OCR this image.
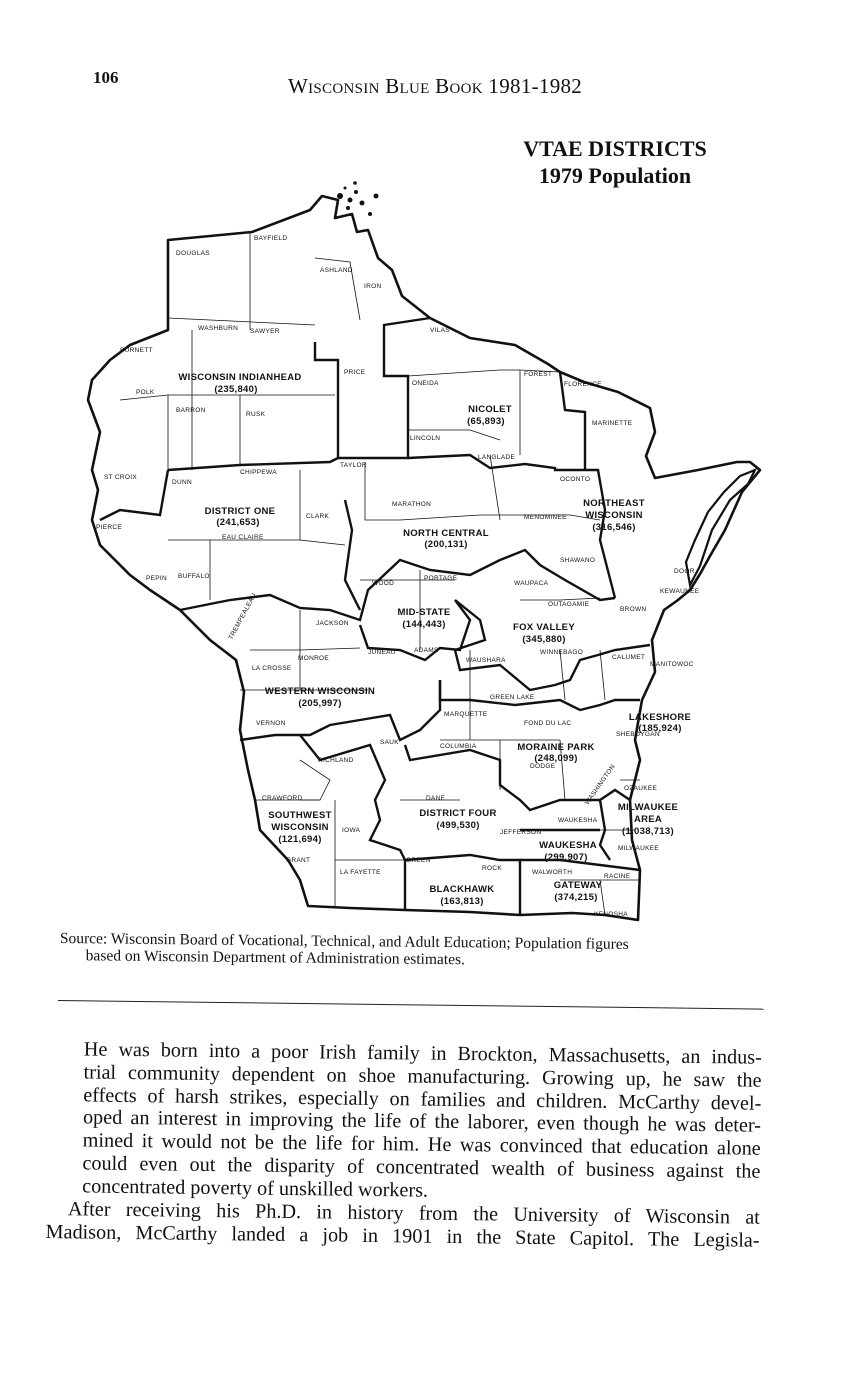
106	Wisconsin Blue Book 1981-1982
VTAE DISTRICTS
1979 Population
BAYFIELD
DOUGLAS
ASHLAND
IRON
WASHBURN SAWYER	VILAS
BURNETT
PRICE
ONEIDA
FOREST
FLORENCE
POLK
BARRON
RUSK
MARINETTE
LINCOLN
LANGLADE
TAYLOR
ST CROIX
DUNN
CHIPPEWA
OCONTO
MARATHON
MENOMINEE
PIERCE
EAU CLAIRE
CLARK
SHAWANO
DOOR
PEPIN BUFFALO
WOOD
PORTAGE
WAUPACA
KEWAUNEE
OUTAGAMIE
BROWN
TREMPEALEAU	JACKSON
MONROE
JUNEAU	ADAMS
WAUSHARA
WINNEBAGO
CALUMET
MANITOWOC
LA CROSSE
GREEN LAKE
VERNON
MARQUETTE
FOND DU LAC
SHEBOYGAN
SAUK
COLUMBIA
DODGE
RICHLAND
OZAUKEE
WASHINGTON
CRAWFORD	DANE
WAUKESHA
IOWA	JEFFERSON
MILWAUKEE
GRANT	GREEN
ROCK
WALWORTH
RACINE
LA FAYETTE
KENOSHA
WISCONSIN INDIANHEAD
(235,840)
NICOLET
(65,893)
NORTHEAST
WISCONSIN
(316,546)
DISTRICT ONE
(241,653)
NORTH CENTRAL
(200,131)
MID-STATE
(144,443)	FOX VALLEY
(345,880)
WESTERN WISCONSIN
(205,997)
LAKESHORE
(185,924)
MORAINE PARK
(248,099)
SOUTHWEST
WISCONSIN
(121,694)
DISTRICT FOUR
(499,530)
MILWAUKEE
AREA
(1,038,713)
WAUKESHA
(299,907)
BLACKHAWK
(163,813)
GATEWAY
(374,215)
Source: Wisconsin Board of Vocational, Technical, and Adult Education; Population figures
based on Wisconsin Department of Administration estimates.

He was born into a poor Irish family in Brockton, Massachusetts, an indus-
trial community dependent on shoe manufacturing. Growing up, he saw the
effects of harsh strikes, especially on families and children. McCarthy devel-
oped an interest in improving the life of the laborer, even though he was deter-
mined it would not be the life for him. He was convinced that education alone
could even out the disparity of concentrated wealth of business against the
concentrated poverty of unskilled workers.

After receiving his Ph.D. in history from the University of Wisconsin at
Madison, McCarthy landed a job in 1901 in the State Capitol. The Legisla-
